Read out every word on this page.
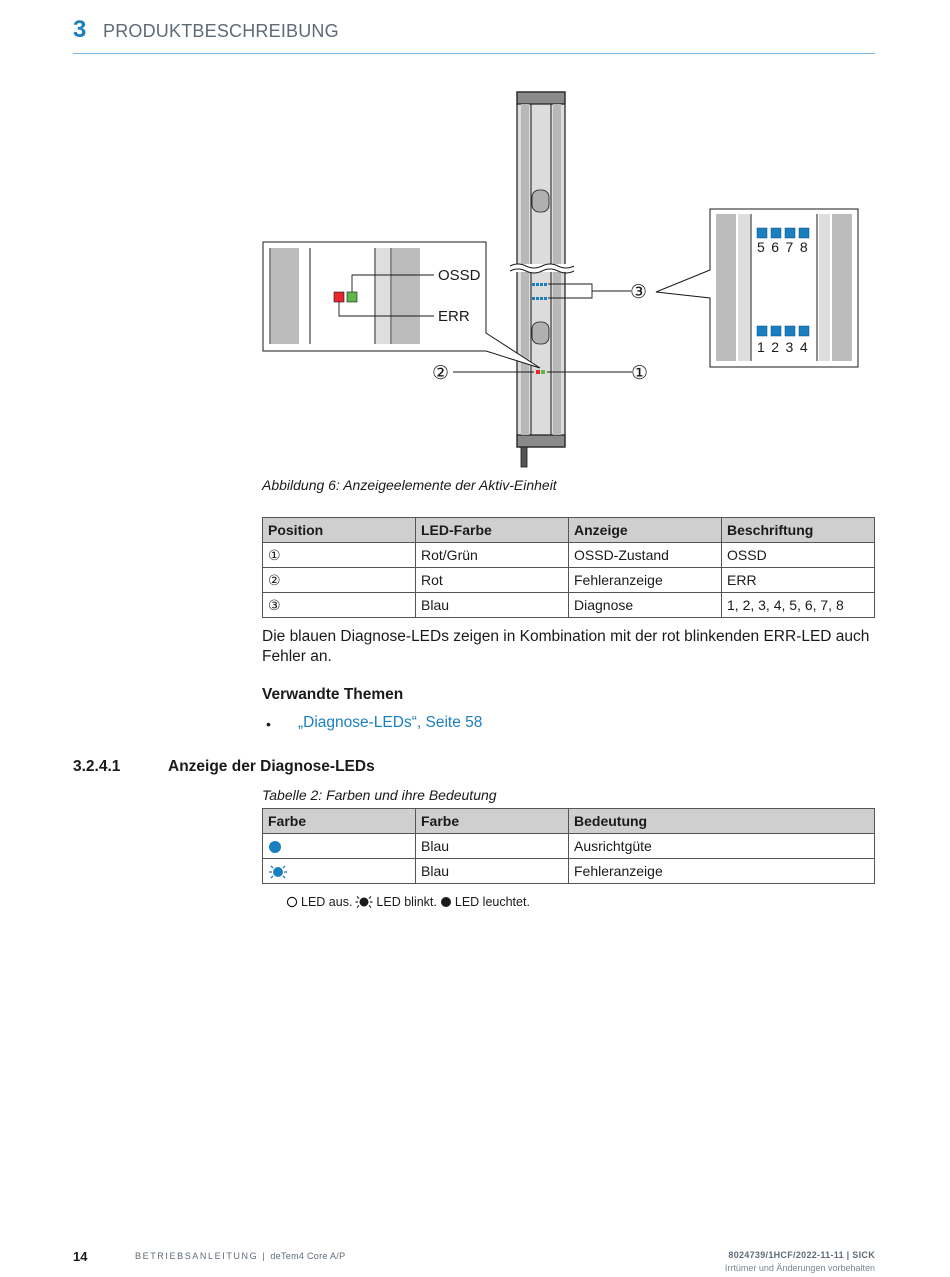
3 PRODUKTBESCHREIBUNG
OSSD
ERR
5 6 7 8
1 2 3 4
③
②	①
Abbildung 6: Anzeigeelemente der Aktiv-Einheit
Position	LED-Farbe	Anzeige	Beschriftung
①	Rot/Grün	OSSD-Zustand	OSSD
②	Rot	Fehleranzeige	ERR
③	Blau	Diagnose	1, 2, 3, 4, 5, 6, 7, 8
Die blauen Diagnose-LEDs zeigen in Kombination mit der rot blinkenden ERR-LED auch Fehler an.
Verwandte Themen
• „Diagnose-LEDs“, Seite 58
3.2.4.1	Anzeige der Diagnose-LEDs
Tabelle 2: Farben und ihre Bedeutung
Farbe	Farbe	Bedeutung
	Blau	Ausrichtgüte
	Blau	Fehleranzeige
LED aus. LED blinkt. LED leuchtet.
14	BETRIEBSANLEITUNG | deTem4 Core A/P	8024739/1HCF/2022-11-11 | SICK
Irrtümer und Änderungen vorbehalten
